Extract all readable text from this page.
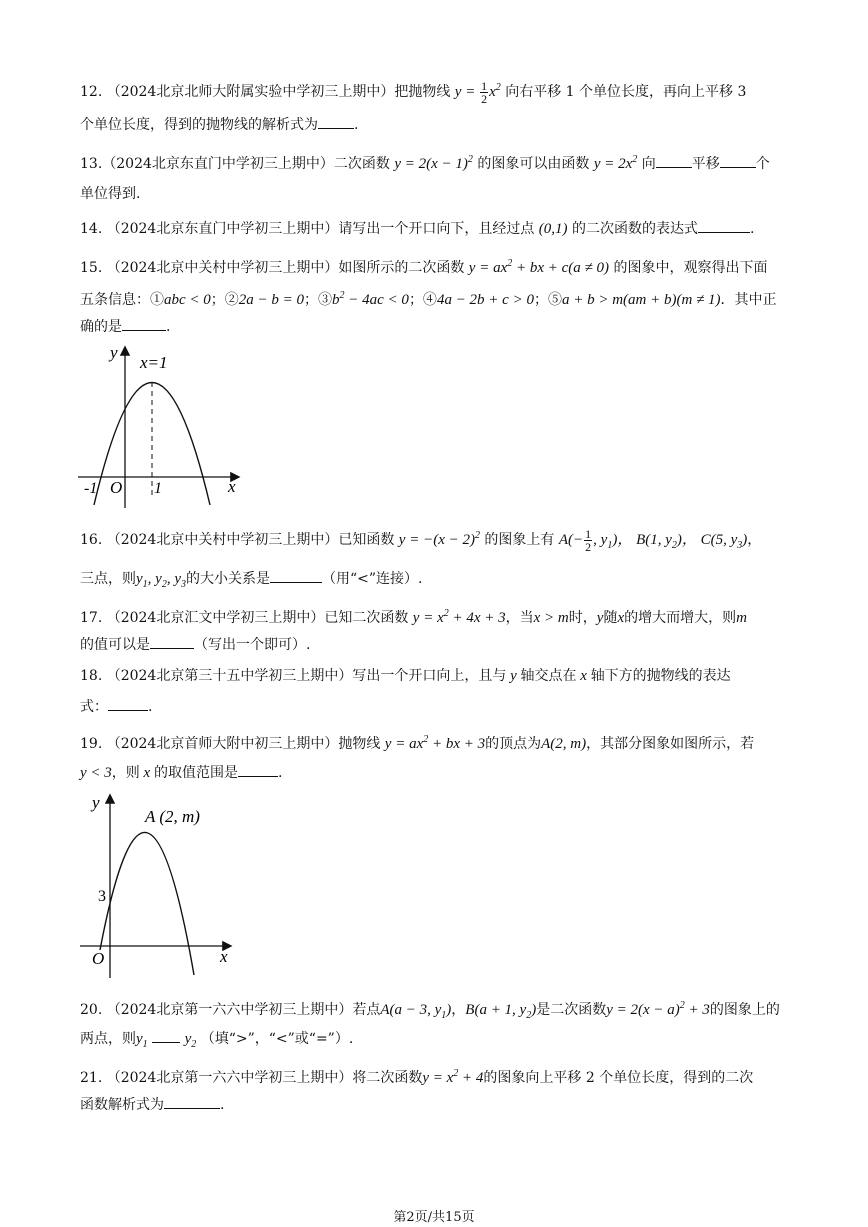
12. （2024北京北师大附属实验中学初三上期中）把抛物线 $y = \frac{1}{2} x^2$ 向右平移 1 个单位长度，再向上平移 3
个单位长度，得到的抛物线的解析式为	.
13.（2024北京东直门中学初三上期中）二次函数 $y = 2(x - 1)^2$ 的图象可以由函数 $y = 2x^2$ 向	平移	个
单位得到.
14. （2024北京东直门中学初三上期中）请写出一个开口向下，且经过点 (0,1) 的二次函数的表达式	.
15. （2024北京中关村中学初三上期中）如图所示的二次函数 $y = ax^2$ + bx + c(a ≠ 0) 的图象中，观察得出下面
五条信息：①abc < 0；②2a − b = 0；$③b^2 - 4ac < 0$；④4a − 2b + c > 0；⑤a + b > m(am + b)(m ≠ 1)．其中正
确的是	.
y
x=1
x
O 1
-1
16. （2024北京中关村中学初三上期中）已知函数 $y = -(x - 2)^2$ 的图象上有 $A(- \frac{1}{2}$ , $y_1$)， B(1, $y_2$)， C(5, $y_3$)，
三点，则$y_1$, $y_2$, $y_3$的大小关系是	（用“<”连接）.
17. （2024北京汇文中学初三上期中）已知二次函数 $y = x^2 + 4x + 3$，当x > m时，y随x的增大而增大，则m
的值可以是	（写出一个即可）.
18. （2024北京第三十五中学初三上期中）写出一个开口向上，且与 y 轴交点在 x 轴下方的抛物线的表达
式：	.
19. （2024北京首师大附中初三上期中）抛物线 $y = ax^2$ + bx + 3的顶点为A(2, m)，其部分图象如图所示，若
y < 3，则 x 的取值范围是	.
y
A (2, m)
3
O	x
20. （2024北京第一六六中学初三上期中）若点A(a − 3, $y_1$)，B(a + 1, $y_2$)是二次函数$y = 2(x - a)^2 + 3$的图象上的
两点，则$y_1$ $y_2$ （填“>”，“<”或“=”）.
21. （2024北京第一六六中学初三上期中）将二次函数$y = x^2 + 4$的图象向上平移 2 个单位长度，得到的二次
函数解析式为	.
第2页/共15页
